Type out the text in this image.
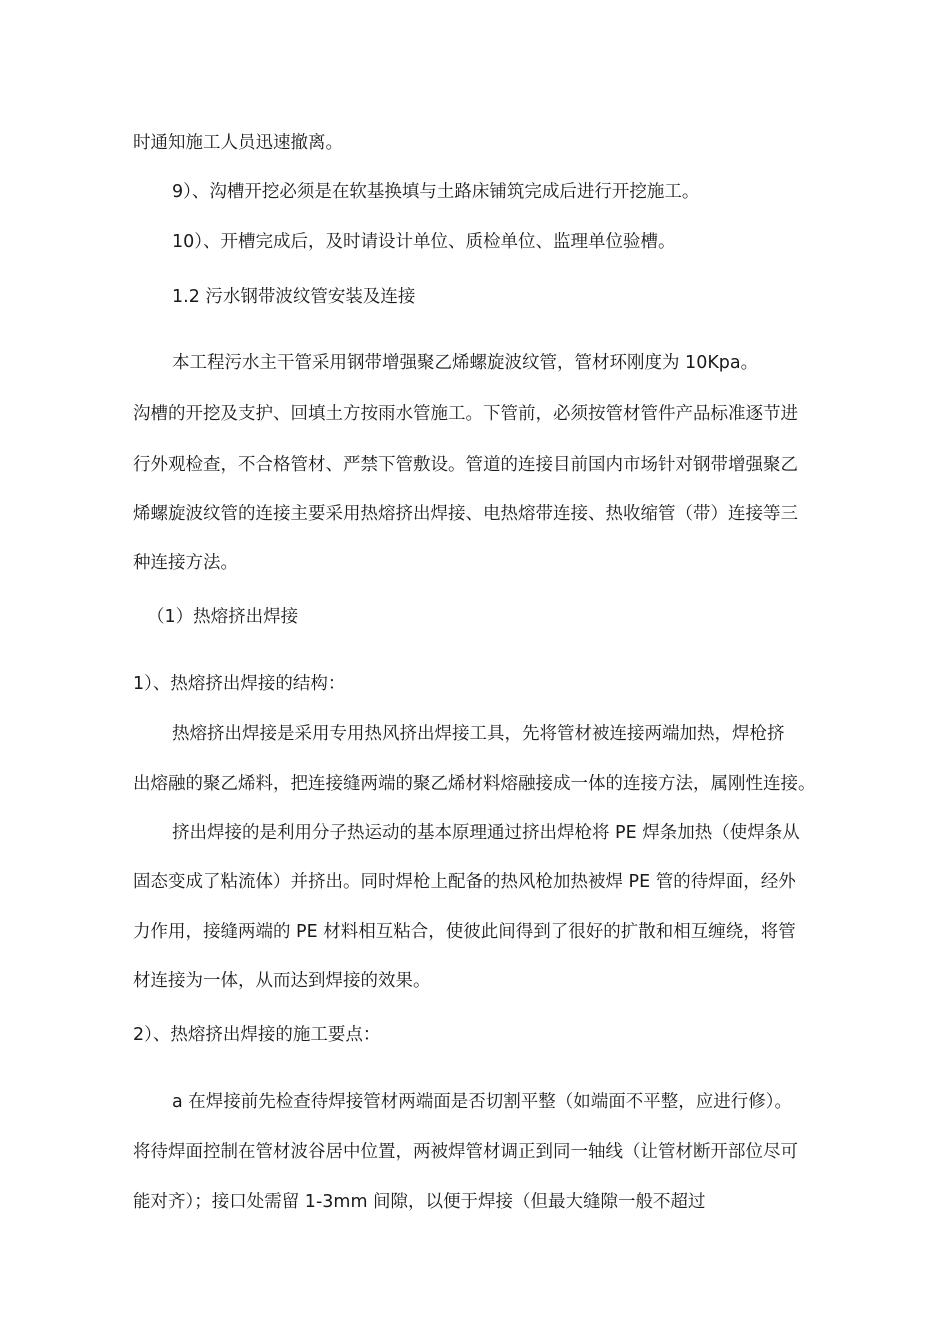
时通知施工人员迅速撤离。
9）、沟槽开挖必须是在软基换填与土路床铺筑完成后进行开挖施工。
10）、开槽完成后，及时请设计单位、质检单位、监理单位验槽。
1.2 污水钢带波纹管安装及连接
本工程污水主干管采用钢带增强聚乙烯螺旋波纹管，管材环刚度为 10Kpa。
沟槽的开挖及支护、回填土方按雨水管施工。下管前，必须按管材管件产品标准逐节进
行外观检查，不合格管材、严禁下管敷设。管道的连接目前国内市场针对钢带增强聚乙
烯螺旋波纹管的连接主要采用热熔挤出焊接、电热熔带连接、热收缩管（带）连接等三
种连接方法。
（1）热熔挤出焊接
1）、热熔挤出焊接的结构：
热熔挤出焊接是采用专用热风挤出焊接工具，先将管材被连接两端加热，焊枪挤
出熔融的聚乙烯料，把连接缝两端的聚乙烯材料熔融接成一体的连接方法，属刚性连接。
挤出焊接的是利用分子热运动的基本原理通过挤出焊枪将 PE 焊条加热（使焊条从
固态变成了粘流体）并挤出。同时焊枪上配备的热风枪加热被焊 PE 管的待焊面，经外
力作用，接缝两端的 PE 材料相互粘合，使彼此间得到了很好的扩散和相互缠绕，将管
材连接为一体，从而达到焊接的效果。
2）、热熔挤出焊接的施工要点：
a 在焊接前先检查待焊接管材两端面是否切割平整（如端面不平整，应进行修）。
将待焊面控制在管材波谷居中位置，两被焊管材调正到同一轴线（让管材断开部位尽可
能对齐）；接口处需留 1-3mm 间隙，以便于焊接（但最大缝隙一般不超过
